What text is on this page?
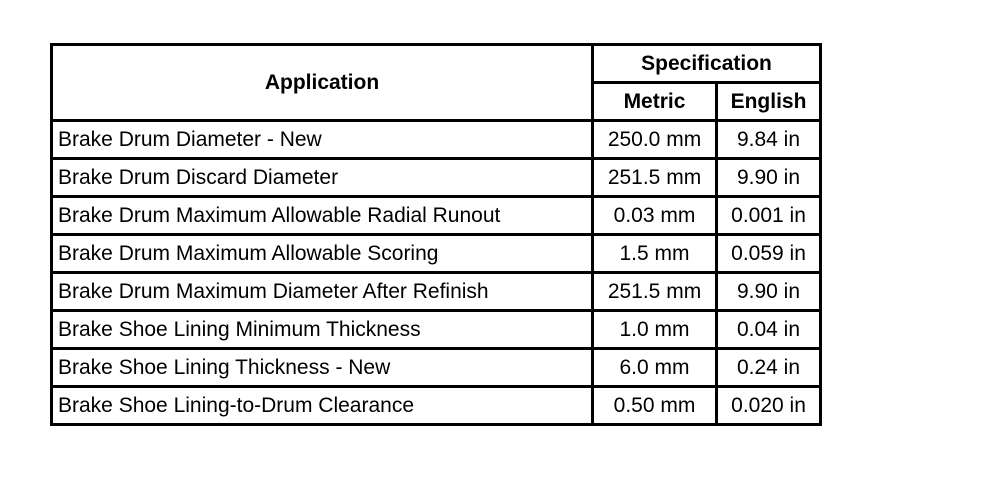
Application	Specification	
	Metric	English
Brake Drum Diameter - New	250.0 mm	9.84 in
Brake Drum Discard Diameter	251.5 mm	9.90 in
Brake Drum Maximum Allowable Radial Runout	0.03 mm	0.001 in
Brake Drum Maximum Allowable Scoring	1.5 mm	0.059 in
Brake Drum Maximum Diameter After Refinish	251.5 mm	9.90 in
Brake Shoe Lining Minimum Thickness	1.0 mm	0.04 in
Brake Shoe Lining Thickness - New	6.0 mm	0.24 in
Brake Shoe Lining-to-Drum Clearance	0.50 mm	0.020 in
